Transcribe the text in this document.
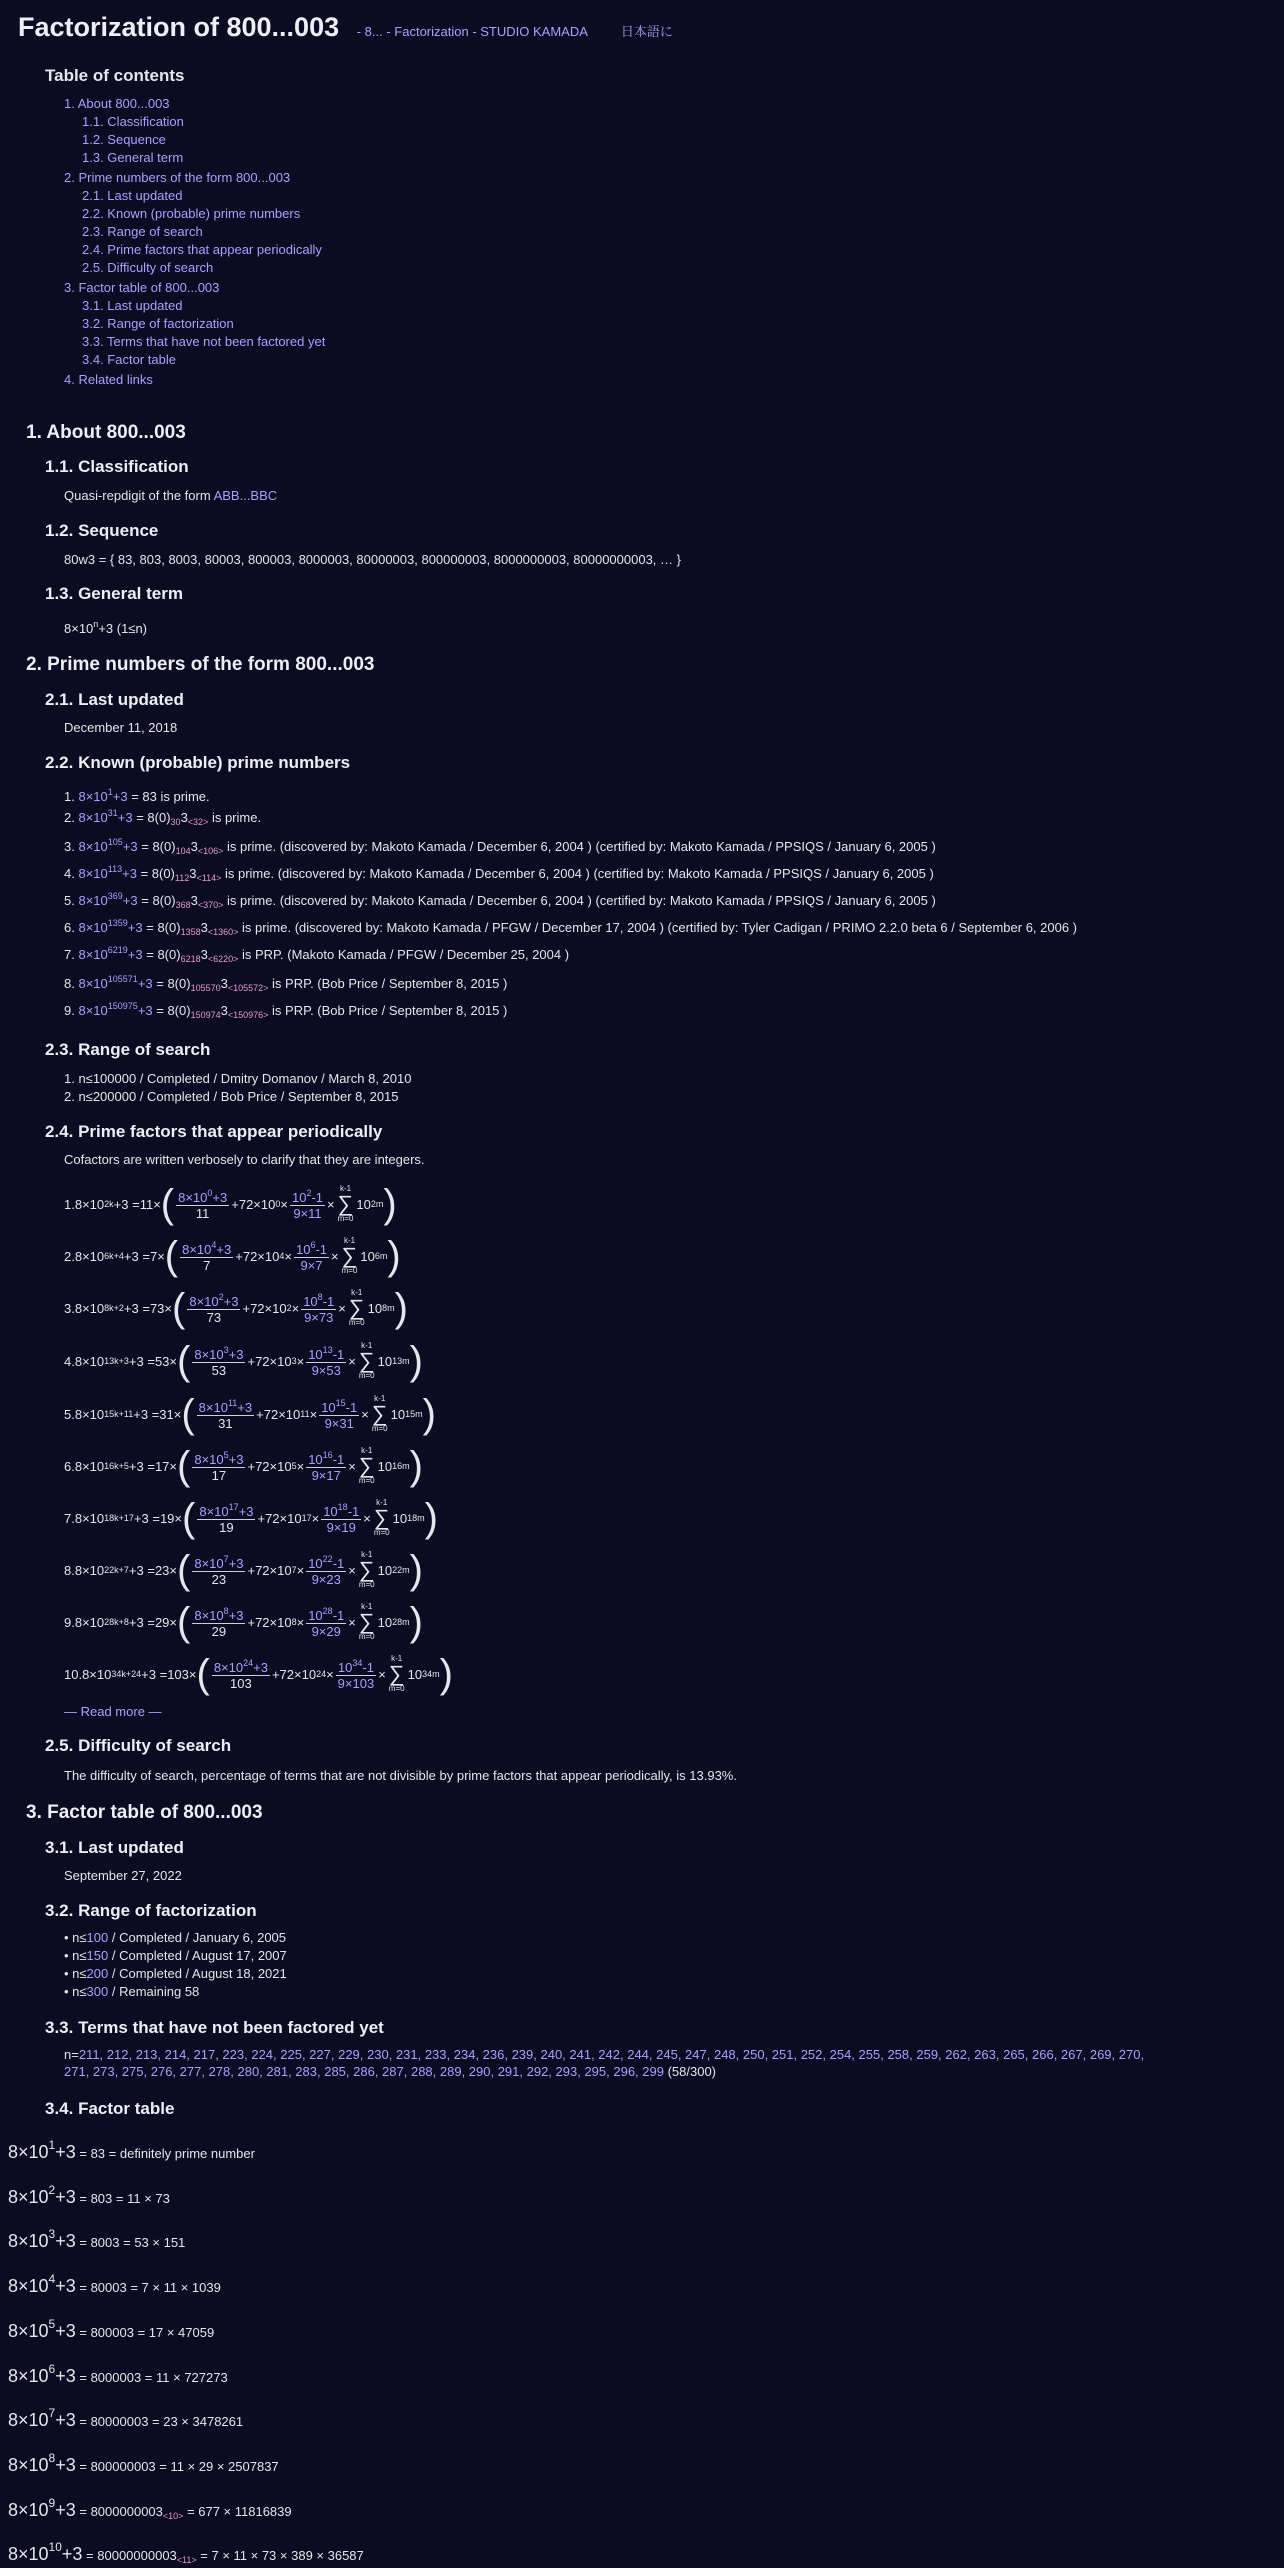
Factorization of 800...003 - 8... - Factorization - STUDIO KAMADA	日本語に
Table of contents
1. About 800...003
1.1. Classification
1.2. Sequence
1.3. General term
2. Prime numbers of the form 800...003
2.1. Last updated
2.2. Known (probable) prime numbers
2.3. Range of search
2.4. Prime factors that appear periodically
2.5. Difficulty of search
3. Factor table of 800...003
3.1. Last updated
3.2. Range of factorization
3.3. Terms that have not been factored yet
3.4. Factor table
4. Related links
1. About 800...003
1.1. Classification
Quasi-repdigit of the form ABB...BBC
1.2. Sequence
80w3 = { 83, 803, 8003, 80003, 800003, 8000003, 80000003, 800000003, 8000000003, 80000000003, … }
1.3. General term
$8\times 10^n+3$ (1≤n)
2. Prime numbers of the form 800...003
2.1. Last updated
December 11, 2018
2.2. Known (probable) prime numbers
1. $8\times 10^1+3 = 83$ is prime.
2. $8\times 10^{31}+3 = 8(0)_{30}3_{<32>}$ is prime.
3. $8\times 10^{105}+3 = 8(0)_{104}3_{<106>}$ is prime. (discovered by: Makoto Kamada / December 6, 2004 ) (certified by: Makoto Kamada / PPSIQS / January 6, 2005 )
4. $8\times 10^{113}+3 = 8(0)_{112}3_{<114>}$ is prime. (discovered by: Makoto Kamada / December 6, 2004 ) (certified by: Makoto Kamada / PPSIQS / January 6, 2005 )
5. $8\times 10^{369}+3 = 8(0)_{368}3_{<370>}$ is prime. (discovered by: Makoto Kamada / December 6, 2004 ) (certified by: Makoto Kamada / PPSIQS / January 6, 2005 )
6. $8\times 10^{1359}+3 = 8(0)_{1358}3_{<1360>}$ is prime. (discovered by: Makoto Kamada / PFGW / December 17, 2004 ) (certified by: Tyler Cadigan / PRIMO 2.2.0 beta 6 / September 6, 2006 )
7. $8\times 10^{6219}+3 = 8(0)_{6218}3_{<6220>}$ is PRP. (Makoto Kamada / PFGW / December 25, 2004 )
8. $8\times 10^{105571}+3 = 8(0)_{105570}3_{<105572>}$ is PRP. (Bob Price / September 8, 2015 )
9. $8\times 10^{150975}+3 = 8(0)_{150974}3_{<150976>}$ is PRP. (Bob Price / September 8, 2015 )
2.3. Range of search
1. n≤100000 / Completed / Dmitry Domanov / March 8, 2010
2. n≤200000 / Completed / Bob Price / September 8, 2015
2.4. Prime factors that appear periodically
Cofactors are written verbosely to clarify that they are integers.
1. 8×10 2k +3 = 11 × ( $\frac{8\times 10^0+3}{11} +72\times 10$ $0 \times \frac{10^2-1}{9\times 11}$ ×
k-1
∑
m=0
10 2m )
2. 8×10 6k+4 +3 = 7 × ( $\frac{8\times 10^4+3}{7} +72\times 10$ $4 \times \frac{10^6-1}{9\times 7}$ ×
k-1
∑
m=0
10 6m )
3. 8×10 8k+2 +3 = 73 × ( $\frac{8\times 10^2+3}{73} +72\times 10$ $2 \times \frac{10^8-1}{9\times 73}$ ×
k-1
∑
m=0
10 8m )
4. 8×10 13k+3 +3 = 53 × ( $\frac{8\times 10^3+3}{53} +72\times 10$ $3 \times \frac{10^{13}-1}{9\times 53}$ ×
k-1
∑
m=0
10 13m )
5. 8×10 15k+11 +3 = 31 × ( $\frac{8\times 10^{11}+3}{31} +72\times 10$ $11 \times \frac{10^{15}-1}{9\times 31}$ ×
k-1
∑
m=0
10 15m )
6. 8×10 16k+5 +3 = 17 × ( $\frac{8\times 10^5+3}{17} +72\times 10$ $5 \times \frac{10^{16}-1}{9\times 17}$ ×
k-1
∑
m=0
10 16m )
7. 8×10 18k+17 +3 = 19 × ( $\frac{8\times 10^{17}+3}{19} +72\times 10$ $17 \times \frac{10^{18}-1}{9\times 19}$ ×
k-1
∑
m=0
10 18m )
8. 8×10 22k+7 +3 = 23 × ( $\frac{8\times 10^7+3}{23} +72\times 10$ $7 \times \frac{10^{22}-1}{9\times 23}$ ×
k-1
∑
m=0
10 22m )
9. 8×10 28k+8 +3 = 29 × ( $\frac{8\times 10^8+3}{29} +72\times 10$ $8 \times \frac{10^{28}-1}{9\times 29}$ ×
k-1
∑
m=0
10 28m )
10. 8×10 34k+24 +3 = 103 × ( $\frac{8\times 10^{24}+3}{103} +72\times 10$ $24 \times \frac{10^{34}-1}{9\times 103}$ ×
k-1
∑
m=0
10 34m )
— Read more —
2.5. Difficulty of search
The difficulty of search, percentage of terms that are not divisible by prime factors that appear periodically, is 13.93%.
3. Factor table of 800...003
3.1. Last updated
September 27, 2022
3.2. Range of factorization
• n≤100 / Completed / January 6, 2005
• n≤150 / Completed / August 17, 2007
• n≤200 / Completed / August 18, 2021
• n≤300 / Remaining 58
3.3. Terms that have not been factored yet
n=211, 212, 213, 214, 217, 223, 224, 225, 227, 229, 230, 231, 233, 234, 236, 239, 240, 241, 242, 244, 245, 247, 248, 250, 251, 252, 254, 255, 258, 259, 262, 263, 265, 266, 267, 269, 270,
271, 273, 275, 276, 277, 278, 280, 281, 283, 285, 286, 287, 288, 289, 290, 291, 292, 293, 295, 296, 299 (58/300)
3.4. Factor table
$8\times 10^1+3 = 83$ = definitely prime number
$8\times 10^2+3 = 803 = 11 \times 73$
$8\times 10^3+3 = 8003 = 53 \times 151$
$8\times 10^4+3 = 80003 = 7 \times 11 \times 1039$
$8\times 10^5+3 = 800003 = 17 \times 47059$
$8\times 10^6+3 = 8000003 = 11 \times 727273$
$8\times 10^7+3 = 80000003 = 23 \times 3478261$
$8\times 10^8+3 = 800000003 = 11 \times 29 \times 2507837$
$8\times 10^9+3 = 8000000003_{<10>} = 677 \times 11816839$
$8\times 10^{10}+3 = 80000000003_{<11>} = 7 \times 11 \times 73 \times 389 \times 36587$
